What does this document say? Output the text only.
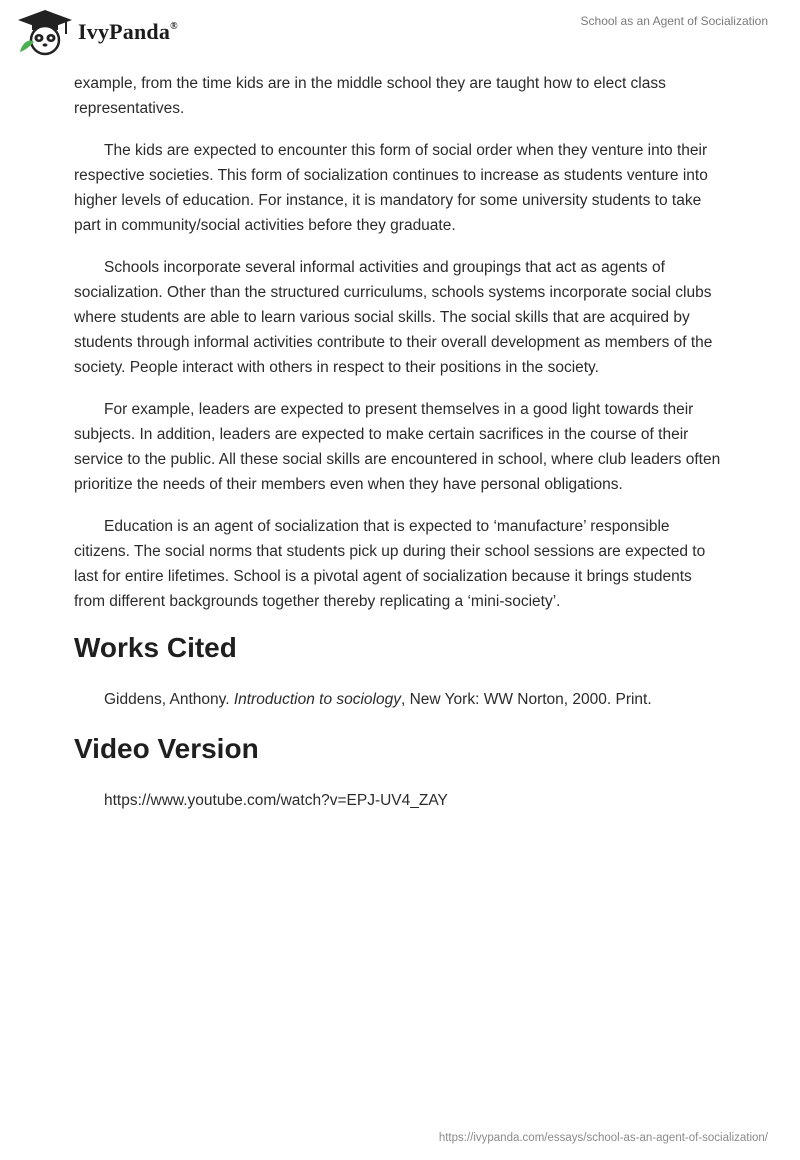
IvyPanda®	School as an Agent of Socialization

example, from the time kids are in the middle school they are taught how to elect class representatives.

The kids are expected to encounter this form of social order when they venture into their respective societies. This form of socialization continues to increase as students venture into higher levels of education. For instance, it is mandatory for some university students to take part in community/social activities before they graduate.

Schools incorporate several informal activities and groupings that act as agents of socialization. Other than the structured curriculums, schools systems incorporate social clubs where students are able to learn various social skills. The social skills that are acquired by students through informal activities contribute to their overall development as members of the society. People interact with others in respect to their positions in the society.

For example, leaders are expected to present themselves in a good light towards their subjects. In addition, leaders are expected to make certain sacrifices in the course of their service to the public. All these social skills are encountered in school, where club leaders often prioritize the needs of their members even when they have personal obligations.

Education is an agent of socialization that is expected to ‘manufacture’ responsible citizens. The social norms that students pick up during their school sessions are expected to last for entire lifetimes. School is a pivotal agent of socialization because it brings students from different backgrounds together thereby replicating a ‘mini-society’.

Works Cited

Giddens, Anthony. Introduction to sociology, New York: WW Norton, 2000. Print.

Video Version

https://www.youtube.com/watch?v=EPJ-UV4_ZAY

https://ivypanda.com/essays/school-as-an-agent-of-socialization/
